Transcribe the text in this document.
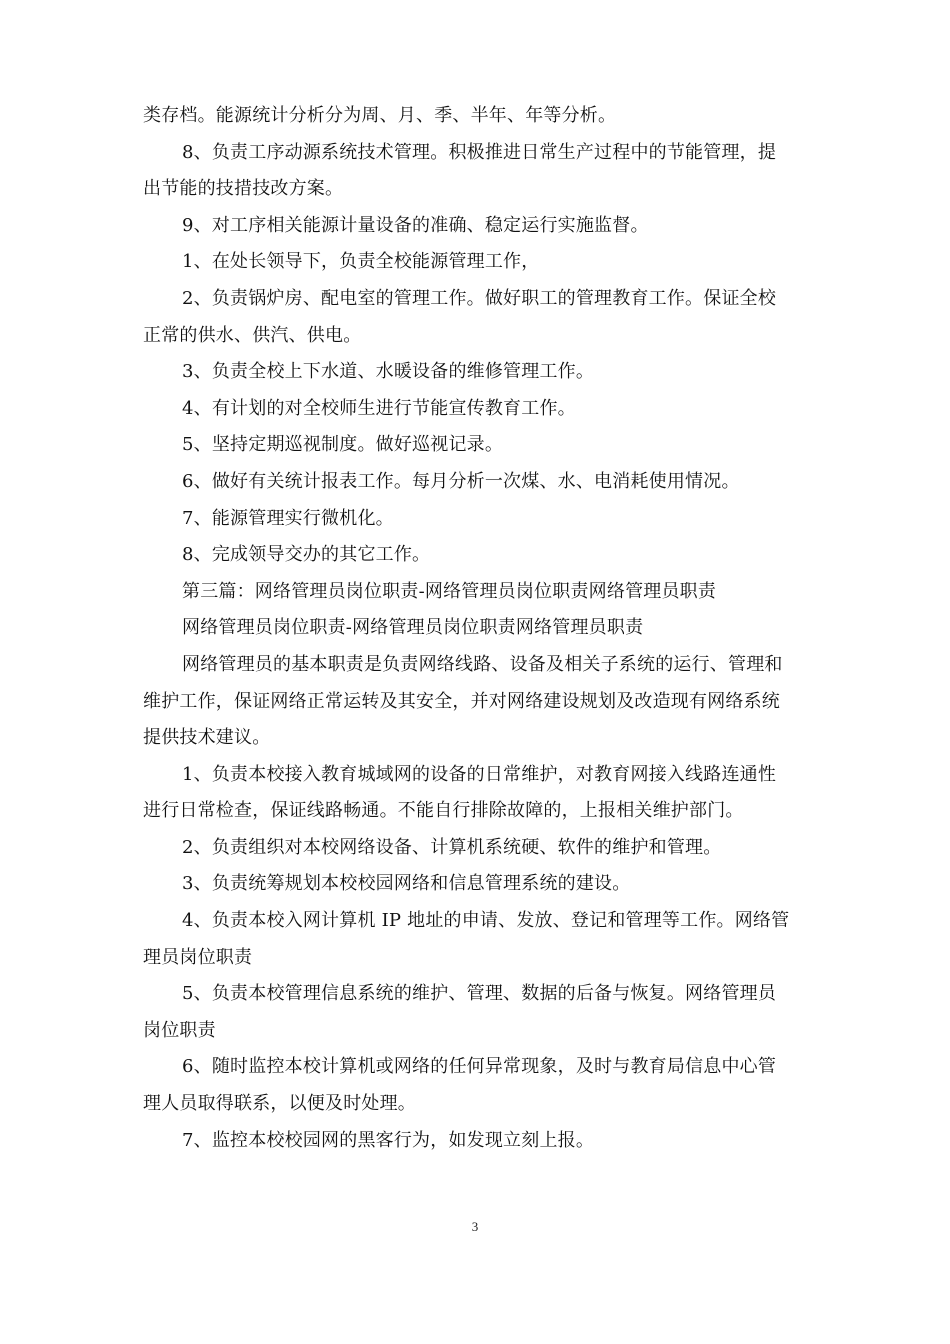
类存档。能源统计分析分为周、月、季、半年、年等分析。

8、负责工序动源系统技术管理。积极推进日常生产过程中的节能管理，提

出节能的技措技改方案。

9、对工序相关能源计量设备的准确、稳定运行实施监督。

1、在处长领导下，负责全校能源管理工作，

2、负责锅炉房、配电室的管理工作。做好职工的管理教育工作。保证全校

正常的供水、供汽、供电。

3、负责全校上下水道、水暖设备的维修管理工作。

4、有计划的对全校师生进行节能宣传教育工作。

5、坚持定期巡视制度。做好巡视记录。

6、做好有关统计报表工作。每月分析一次煤、水、电消耗使用情况。

7、能源管理实行微机化。

8、完成领导交办的其它工作。

第三篇：网络管理员岗位职责-网络管理员岗位职责网络管理员职责

网络管理员岗位职责-网络管理员岗位职责网络管理员职责

网络管理员的基本职责是负责网络线路、设备及相关子系统的运行、管理和

维护工作，保证网络正常运转及其安全，并对网络建设规划及改造现有网络系统

提供技术建议。

1、负责本校接入教育城域网的设备的日常维护，对教育网接入线路连通性

进行日常检查，保证线路畅通。不能自行排除故障的，上报相关维护部门。

2、负责组织对本校网络设备、计算机系统硬、软件的维护和管理。

3、负责统筹规划本校校园网络和信息管理系统的建设。

4、负责本校入网计算机 IP 地址的申请、发放、登记和管理等工作。网络管

理员岗位职责

5、负责本校管理信息系统的维护、管理、数据的后备与恢复。网络管理员

岗位职责

6、随时监控本校计算机或网络的任何异常现象，及时与教育局信息中心管

理人员取得联系，以便及时处理。

7、监控本校校园网的黑客行为，如发现立刻上报。

3
